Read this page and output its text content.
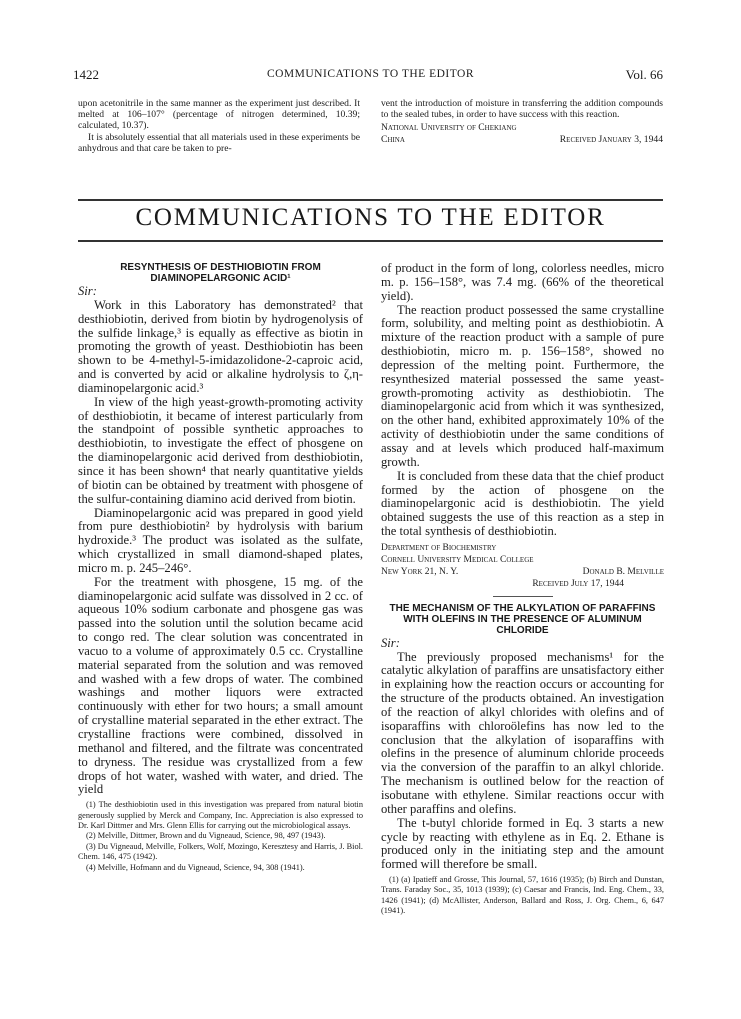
1422	COMMUNICATIONS TO THE EDITOR	Vol. 66

upon acetonitrile in the same manner as the experiment just described. It melted at 106–107° (percentage of nitrogen determined, 10.39; calculated, 10.37).

It is absolutely essential that all materials used in these experiments be anhydrous and that care be taken to pre-

vent the introduction of moisture in transferring the addition compounds to the sealed tubes, in order to have success with this reaction.

National University of Chekiang
China	Received January 3, 1944
COMMUNICATIONS TO THE EDITOR
RESYNTHESIS OF DESTHIOBIOTIN FROM DIAMINOPELARGONIC ACID¹

Sir:

Work in this Laboratory has demonstrated² that desthiobiotin, derived from biotin by hydrogenolysis of the sulfide linkage,³ is equally as effective as biotin in promoting the growth of yeast. Desthiobiotin has been shown to be 4-methyl-5-imidazolidone-2-caproic acid, and is converted by acid or alkaline hydrolysis to ζ,η-diaminopelargonic acid.³

In view of the high yeast-growth-promoting activity of desthiobiotin, it became of interest particularly from the standpoint of possible synthetic approaches to desthiobiotin, to investigate the effect of phosgene on the diaminopelargonic acid derived from desthiobiotin, since it has been shown⁴ that nearly quantitative yields of biotin can be obtained by treatment with phosgene of the sulfur-containing diamino acid derived from biotin.

Diaminopelargonic acid was prepared in good yield from pure desthiobiotin² by hydrolysis with barium hydroxide.³ The product was isolated as the sulfate, which crystallized in small diamond-shaped plates, micro m. p. 245–246°.

For the treatment with phosgene, 15 mg. of the diaminopelargonic acid sulfate was dissolved in 2 cc. of aqueous 10% sodium carbonate and phosgene gas was passed into the solution until the solution became acid to congo red. The clear solution was concentrated in vacuo to a volume of approximately 0.5 cc. Crystalline material separated from the solution and was removed and washed with a few drops of water. The combined washings and mother liquors were extracted continuously with ether for two hours; a small amount of crystalline material separated in the ether extract. The crystalline fractions were combined, dissolved in methanol and filtered, and the filtrate was concentrated to dryness. The residue was crystallized from a few drops of hot water, washed with water, and dried. The yield

(1) The desthiobiotin used in this investigation was prepared from natural biotin generously supplied by Merck and Company, Inc. Appreciation is also expressed to Dr. Karl Dittmer and Mrs. Glenn Ellis for carrying out the microbiological assays.

(2) Melville, Dittmer, Brown and du Vigneaud, Science, 98, 497 (1943).

(3) Du Vigneaud, Melville, Folkers, Wolf, Mozingo, Keresztesy and Harris, J. Biol. Chem. 146, 475 (1942).

(4) Melville, Hofmann and du Vigneaud, Science, 94, 308 (1941).

of product in the form of long, colorless needles, micro m. p. 156–158°, was 7.4 mg. (66% of the theoretical yield).

The reaction product possessed the same crystalline form, solubility, and melting point as desthiobiotin. A mixture of the reaction product with a sample of pure desthiobiotin, micro m. p. 156–158°, showed no depression of the melting point. Furthermore, the resynthesized material possessed the same yeast-growth-promoting activity as desthiobiotin. The diaminopelargonic acid from which it was synthesized, on the other hand, exhibited approximately 10% of the activity of desthiobiotin under the same conditions of assay and at levels which produced half-maximum growth.

It is concluded from these data that the chief product formed by the action of phosgene on the diaminopelargonic acid is desthiobiotin. The yield obtained suggests the use of this reaction as a step in the total synthesis of desthiobiotin.

Department of Biochemistry

Cornell University Medical College

New York 21, N. Y.	Donald B. Melville
Received July 17, 1944
THE MECHANISM OF THE ALKYLATION OF PARAFFINS WITH OLEFINS IN THE PRESENCE OF ALUMINUM CHLORIDE

Sir:

The previously proposed mechanisms¹ for the catalytic alkylation of paraffins are unsatisfactory either in explaining how the reaction occurs or accounting for the structure of the products obtained. An investigation of the reaction of alkyl chlorides with olefins and of isoparaffins with chloroölefins has now led to the conclusion that the alkylation of isoparaffins with olefins in the presence of aluminum chloride proceeds via the conversion of the paraffin to an alkyl chloride. The mechanism is outlined below for the reaction of isobutane with ethylene. Similar reactions occur with other paraffins and olefins.

The t-butyl chloride formed in Eq. 3 starts a new cycle by reacting with ethylene as in Eq. 2. Ethane is produced only in the initiating step and the amount formed will therefore be small.

(1) (a) Ipatieff and Grosse, This Journal, 57, 1616 (1935); (b) Birch and Dunstan, Trans. Faraday Soc., 35, 1013 (1939); (c) Caesar and Francis, Ind. Eng. Chem., 33, 1426 (1941); (d) McAllister, Anderson, Ballard and Ross, J. Org. Chem., 6, 647 (1941).
